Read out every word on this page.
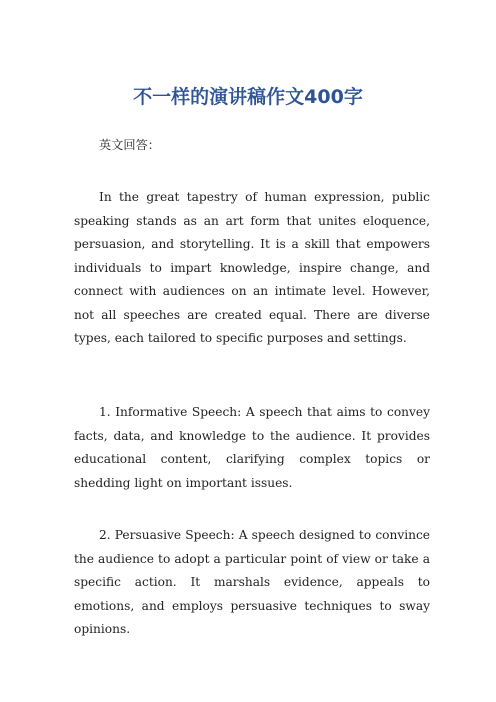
不一样的演讲稿作文400字

英文回答：

In the great tapestry of human expression, public speaking stands as an art form that unites eloquence, persuasion, and storytelling. It is a skill that empowers individuals to impart knowledge, inspire change, and connect with audiences on an intimate level. However, not all speeches are created equal. There are diverse types, each tailored to specific purposes and settings.

1. Informative Speech: A speech that aims to convey facts, data, and knowledge to the audience. It provides educational content, clarifying complex topics or shedding light on important issues.

2. Persuasive Speech: A speech designed to convince the audience to adopt a particular point of view or take a specific action. It marshals evidence, appeals to emotions, and employs persuasive techniques to sway opinions.
